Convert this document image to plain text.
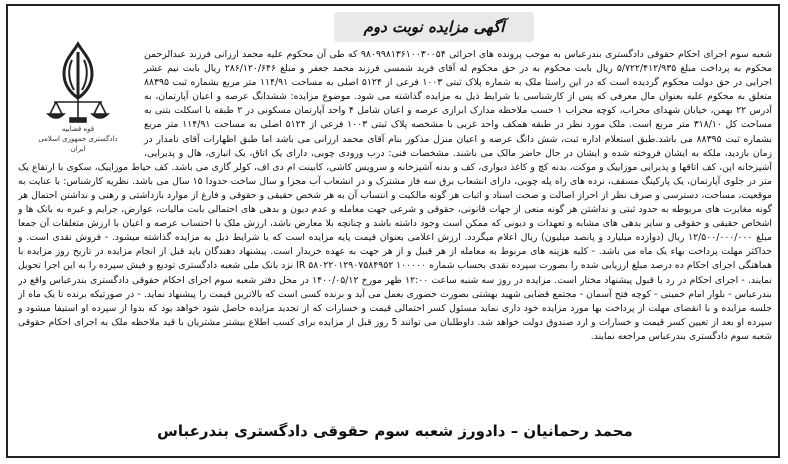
آگهی مزایده نوبت دوم
قوه قضاییه
دادگستری جمهوری اسلامی ایران
شعبه سوم اجرای احکام حقوقی دادگستری بندرعباس به موجب پرونده های اجرائی ۹۸۰۹۹۸۱۳۶۱۰۰۳۰۰۵۴ که طی آن محکوم علیه محمد ارزانی فرزند عبدالرحمن محکوم به پرداخت مبلغ ۵/۷۲۲/۴۱۲/۹۳۵ ریال بابت محکوم به در حق محکوم له آقای فرید شمسی فرزند محمد جعفر و مبلغ ۲۸۶/۱۲۰/۶۴۶ ریال بابت نیم عشر اجرایی در حق دولت محکوم گردیده است که در این راستا ملک به شماره پلاک ثبتی ۱۰۰۳ فرعی از ۵۱۲۴ اصلی به مساحت ۱۱۴/۹۱ متر مربع بشماره ثبت ۸۸۳۹۵ متعلق به محکوم علیه بعنوان مال معرفی که پس از کارشناسی با شرایط ذیل به مزایده گذاشته می شود. موضوع مزایده: ششدانگ عرصه و اعیان آپارتمان، به آدرس ۲۲ بهمن، خیابان شهدای محراب، کوچه محراب ۱ حسب ملاحظه مدارک ابرازی عرصه و اعیان شامل ۴ واحد آپارتمان مسکونی در ۲ طبقه با اسکلت بتنی به مساحت کل ۳۱۸/۱۰ متر مربع است. ملک مورد نظر در طبقه همکف واحد غربی با مشخصه پلاک ثبتی ۱۰۰۳ فرعی از ۵۱۲۴ اصلی به مساحت ۱۱۴/۹۱ متر مربع بشماره ثبت ۸۸۳۹۵ می باشد.طبق استعلام اداره ثبت، شش دانگ عرصه و اعیان منزل مذکور بنام آقای محمد ارزانی می باشد اما طبق اظهارات آقای نامدار در زمان بازدید، ملکه به ایشان فروخته شده و ایشان در حال حاضر مالک می باشند. مشخصات فنی: درب ورودی چوبی، دارای یک اتاق، یک انباری، هال و پذیرایی، آشپزخانه اپن، کف اتاقها و پذیرایی موزاییک و موکت، بدنه کچ و کاغذ دیواری، کف و بدنه آشپزخانه و سرویس کاشی، کابینت ام دی اف، کولر گازی می باشد. کف حیاط موزاییک، سکوی با ارتفاع یک متر در جلوی آپارتمان، یک پارکینگ مسقف، نرده های راه پله چوبی، دارای انشعاب برق سه فاز مشترک و در انشعاب آب مجزا و سال ساخت حدودا ۱۵ سال می باشد. نظریه کارشناس: با عنایت به موقعیت، مساحت، دسترسی و صرف نظر از احراز اصالت و صحت اسناد و اثبات هر گونه مالکیت و انتساب آن به هر شخص حقیقی و حقوقی و فارغ از موارد بازداشتی و رهنی و نداشتن احتمال هر گونه مغایرت های مربوطه به حدود ثبتی و نداشتن هر گونه منعی از جهات قانونی، حقوقی و شرعی جهت معامله و عدم دیون و بدهی های احتمالی بابت مالیات، عوارض، جرایم و غیره به بانک ها و اشخاص حقیقی و حقوقی و سایر بدهی های مشابه و تعهدات و دیونی که ممکن است وجود داشته باشد و چنانچه بلا معارض باشد، ارزش ملک با احتساب عرصه و اعیان با ارزش متعلقات آن جمعا مبلغ ۱۲/۵۰۰/۰۰۰/۰۰۰ ریال (دوازده میلیارد و پانصد میلیون) ریال اعلام میگردد. ارزش اعلامی بعنوان قیمت پایه مزایده است که با شرایط ذیل به مزایده گذاشته میشود. - فروش نقدی است. و حداکثر مهلت پرداخت بهاء یک ماه می باشد. - کلیه هزینه های مربوط به معامله از هر قبیل و از هر جهت به عهده خریدار است. پیشنهاد دهندگان باید قبل از انجام مزایده در تاریخ روز مزایده با هماهنگی اجرای احکام ده درصد مبلغ ارزیابی شده را بصورت سپرده نقدی بحساب شماره IR ۵۸۰۲۲۰۱۲۹۰۷۵۸۴۹۵۲ ۱۰۰۰۰۰ نزد بانک ملی شعبه دادگستری تودیع و فیش سپرده را به این اجرا تحویل نمایند. - اجرای احکام در رد یا قبول پیشنهاد مختار است. مزایده در روز سه شنبه ساعت ۱۲:۰۰ ظهر مورخ ۱۴۰۰/۰۵/۱۲ در محل دفتر شعبه سوم اجرای احکام حقوقی دادگستری بندرعباس واقع در بندرعباس - بلوار امام خمینی - کوچه فتح آسمان - مجتمع قضایی شهید بهشتی بصورت حضوری بعمل می آید و برنده کسی است که بالاترین قیمت را پیشنهاد نماید. - در صورتیکه برنده تا یک ماه از جلسه مزایده و با انقضای مهلت از پرداخت بها مورد مزایده خود داری نماید مسئول کسر احتمالی قیمت و خسارات که از تجدید مزایده حاصل شود خواهد بود که بدوا از سپرده او استیفا میشود و سپرده او بعد از تعیین کسر قیمت و خسارات و ارد صندوق دولت خواهد شد. داوطلبان می توانند 5 روز قبل از مزایده برای کسب اطلاع بیشتر مشتریان با قید ملاحظه ملک به اجرای احکام حقوقی شعبه سوم دادگستری بندرعباس مراجعه نمایند.
محمد رحمانیان – دادورز شعبه سوم حقوقی دادگستری بندرعباس
